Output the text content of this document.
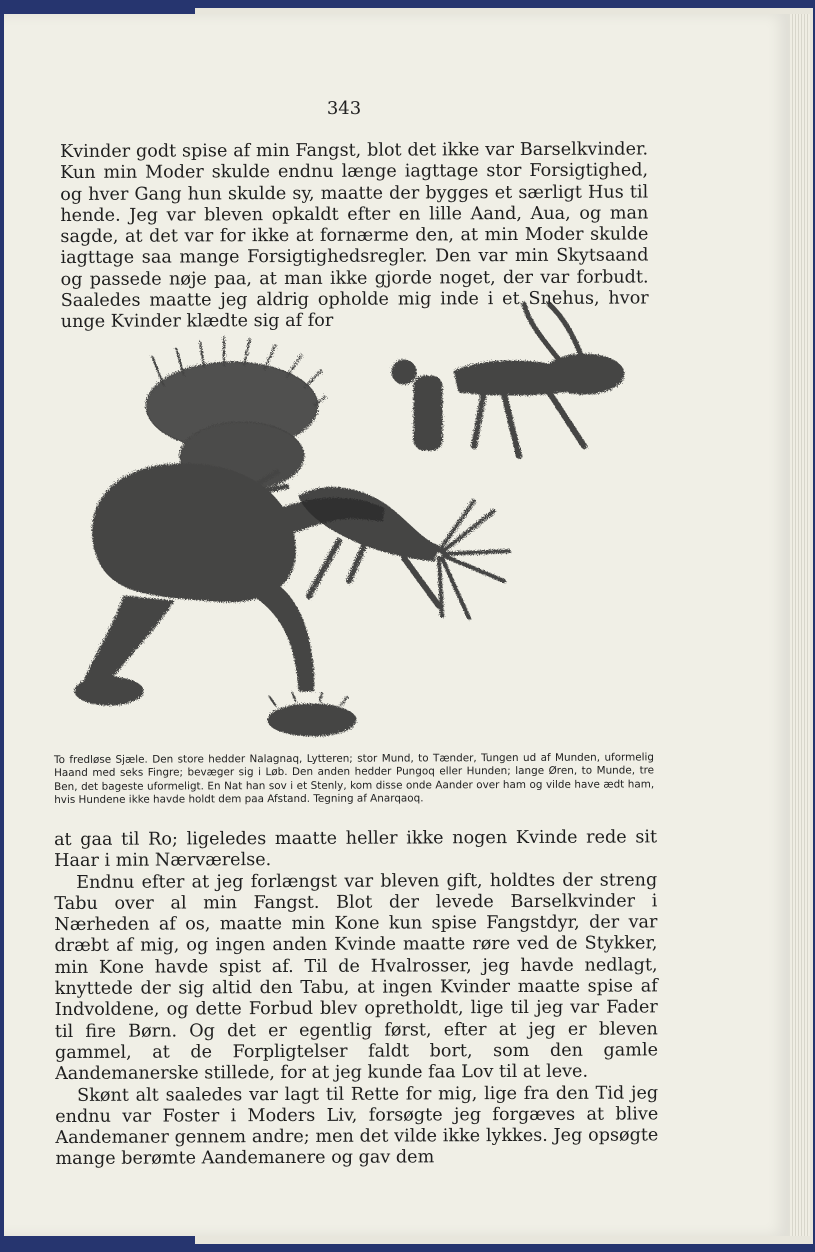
343

Kvinder godt spise af min Fangst, blot det ikke var Barselkvinder. Kun min Moder skulde endnu længe iagttage stor Forsigtighed, og hver Gang hun skulde sy, maatte der bygges et særligt Hus til hende. Jeg var bleven opkaldt efter en lille Aand, Aua, og man sagde, at det var for ikke at fornærme den, at min Moder skulde iagttage saa mange Forsigtighedsregler. Den var min Skytsaand og passede nøje paa, at man ikke gjorde noget, der var forbudt. Saaledes maatte jeg aldrig opholde mig inde i et Snehus, hvor unge Kvinder klædte sig af for

To fredløse Sjæle. Den store hedder Nalagnaq, Lytteren; stor Mund, to Tænder, Tungen ud af Munden, uformelig Haand med seks Fingre; bevæger sig i Løb. Den anden hedder Pungoq eller Hunden; lange Øren, to Munde, tre Ben, det bageste uformeligt. En Nat han sov i et Stenly, kom disse onde Aander over ham og vilde have ædt ham, hvis Hundene ikke havde holdt dem paa Afstand. Tegning af Anarqaoq.

at gaa til Ro; ligeledes maatte heller ikke nogen Kvinde rede sit Haar i min Nærværelse.

Endnu efter at jeg forlængst var bleven gift, holdtes der streng Tabu over al min Fangst. Blot der levede Barselkvinder i Nærheden af os, maatte min Kone kun spise Fangstdyr, der var dræbt af mig, og ingen anden Kvinde maatte røre ved de Stykker, min Kone havde spist af. Til de Hvalrosser, jeg havde nedlagt, knyttede der sig altid den Tabu, at ingen Kvinder maatte spise af Indvoldene, og dette Forbud blev opretholdt, lige til jeg var Fader til fire Børn. Og det er egentlig først, efter at jeg er bleven gammel, at de Forpligtelser faldt bort, som den gamle Aandemanerske stillede, for at jeg kunde faa Lov til at leve.

Skønt alt saaledes var lagt til Rette for mig, lige fra den Tid jeg endnu var Foster i Moders Liv, forsøgte jeg forgæves at blive Aandemaner gennem andre; men det vilde ikke lykkes. Jeg opsøgte mange berømte Aandemanere og gav dem
